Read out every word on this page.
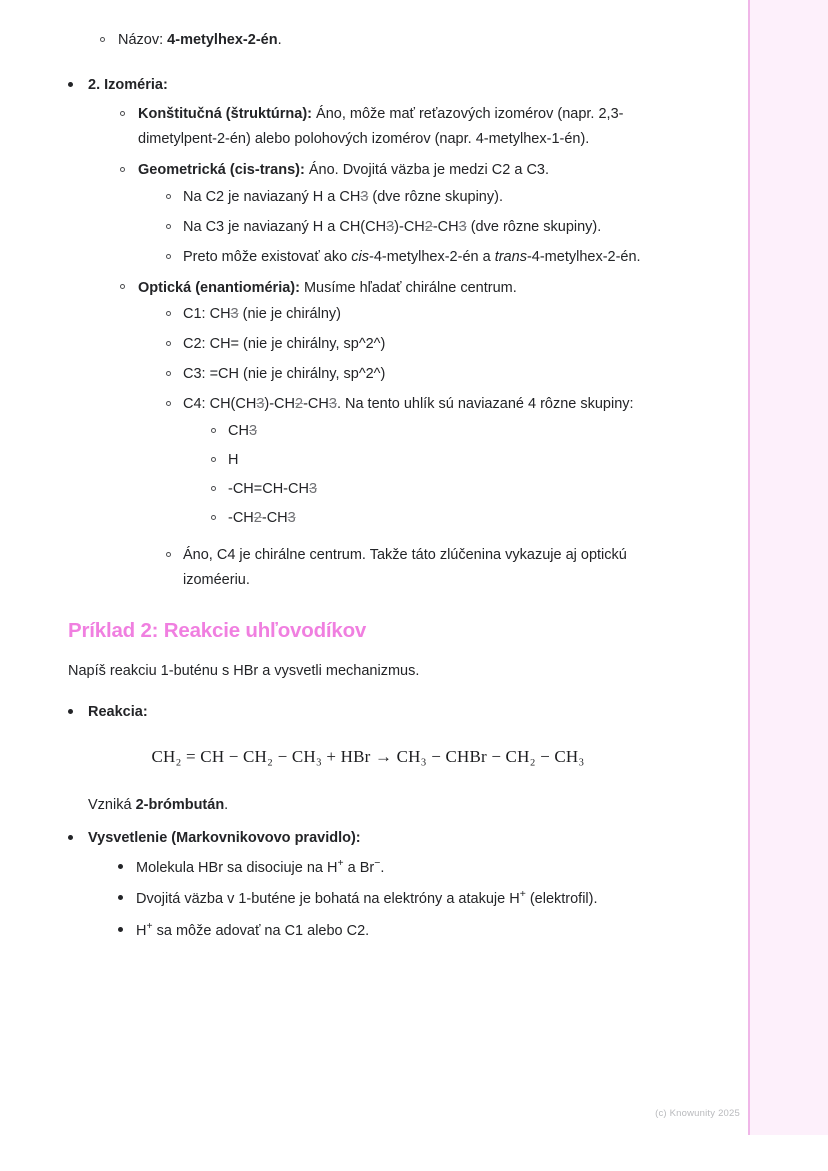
Názov: 4-metylhex-2-én.
2. Izoméria:
Konštitučná (štruktúrna): Áno, môže mať reťazových izomérov (napr. 2,3-dimetylpent-2-én) alebo polohových izomérov (napr. 4-metylhex-1-én).
Geometrická (cis-trans): Áno. Dvojitá väzba je medzi C2 a C3.
Na C2 je naviazaný H a CH3 (dve rôzne skupiny).
Na C3 je naviazaný H a CH(CH3)-CH2-CH3 (dve rôzne skupiny).
Preto môže existovať ako cis-4-metylhex-2-én a trans-4-metylhex-2-én.
Optická (enantioméria): Musíme hľadať chirálne centrum.
C1: CH3 (nie je chirálny)
C2: CH= (nie je chirálny, sp^2^)
C3: =CH (nie je chirálny, sp^2^)
C4: CH(CH3)-CH2-CH3. Na tento uhlík sú naviazané 4 rôzne skupiny:
CH3
H
-CH=CH-CH3
-CH2-CH3
Áno, C4 je chirálne centrum. Takže táto zlúčenina vykazuje aj optickú izoméeriu.
Príklad 2: Reakcie uhľovodíkov

Napíš reakciu 1-buténu s HBr a vysvetli mechanizmus.

Reakcia:
CH₂ = CH − CH₂ − CH₃ + HBr → CH₃ − CHBr − CH₂ − CH₃

Vzniká 2-brómbután.

Vysvetlenie (Markovnikovovo pravidlo):
Molekula HBr sa disociuje na H+ a Br−.
Dvojitá väzba v 1-buténe je bohatá na elektróny a atakuje H+ (elektrofil).
H+ sa môže adovať na C1 alebo C2.
(c) Knowunity 2025
